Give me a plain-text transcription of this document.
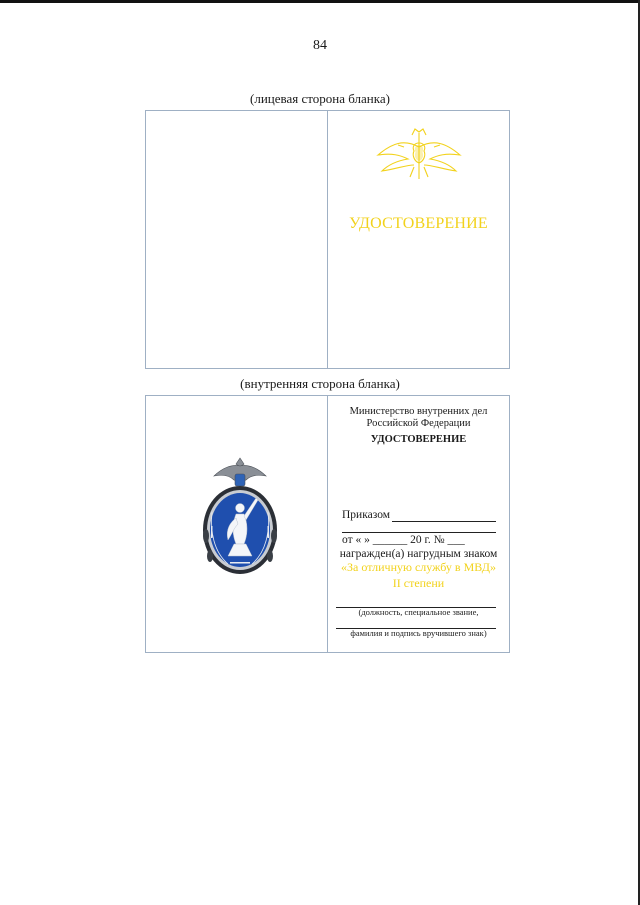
84
(лицевая сторона бланка)
УДОСТОВЕРЕНИЕ
(внутренняя сторона бланка)
Министерство внутренних дел
Российской Федерации
УДОСТОВЕРЕНИЕ
Приказом
от « » ______ 20 г. № ___
награжден(а) нагрудным знаком
«За отличную службу в МВД»
II степени
(должность, специальное звание,
фамилия и подпись вручившего знак)
